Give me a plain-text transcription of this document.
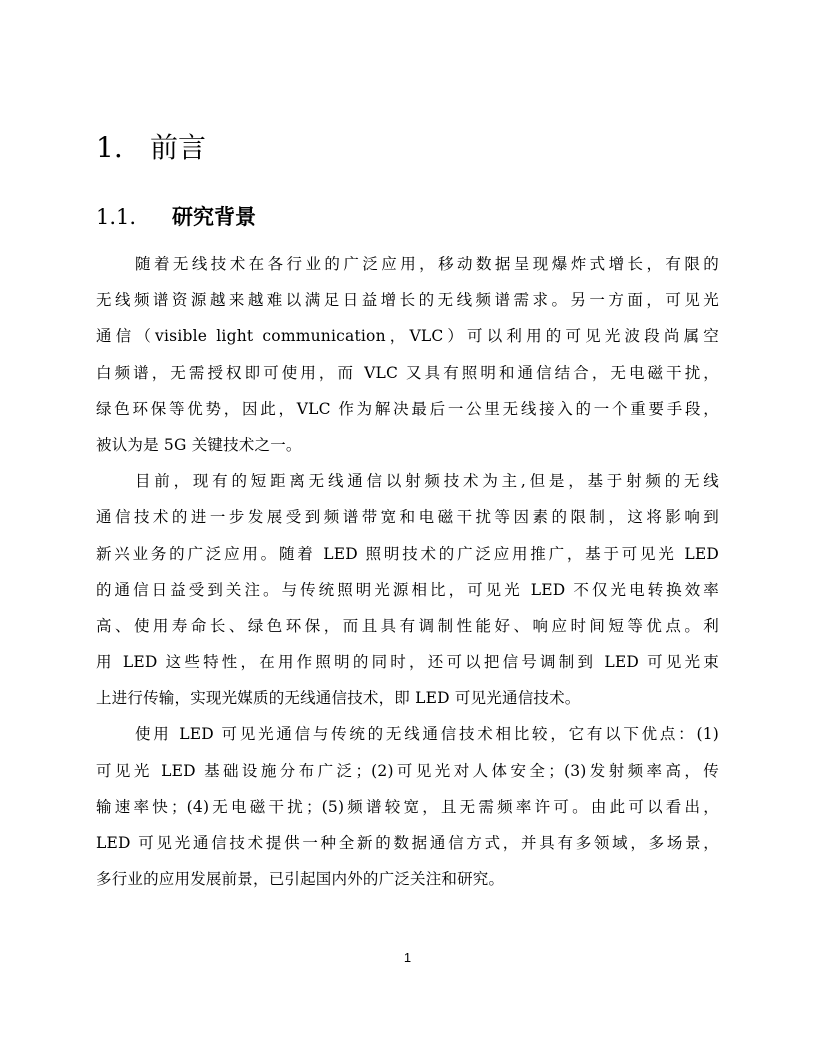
1. 前言
1.1. 研究背景
随着无线技术在各行业的广泛应用，移动数据呈现爆炸式增长，有限的
无线频谱资源越来越难以满足日益增长的无线频谱需求。另一方面，可见光
通信（visible light communication，VLC）可以利用的可见光波段尚属空
白频谱，无需授权即可使用，而 VLC 又具有照明和通信结合，无电磁干扰，
绿色环保等优势，因此，VLC 作为解决最后一公里无线接入的一个重要手段，
被认为是 5G 关键技术之一。
目前，现有的短距离无线通信以射频技术为主,但是，基于射频的无线
通信技术的进一步发展受到频谱带宽和电磁干扰等因素的限制，这将影响到
新兴业务的广泛应用。随着 LED 照明技术的广泛应用推广，基于可见光 LED
的通信日益受到关注。与传统照明光源相比，可见光 LED 不仅光电转换效率
高、使用寿命长、绿色环保，而且具有调制性能好、响应时间短等优点。利
用 LED 这些特性，在用作照明的同时，还可以把信号调制到 LED 可见光束
上进行传输，实现光媒质的无线通信技术，即 LED 可见光通信技术。
使用 LED 可见光通信与传统的无线通信技术相比较，它有以下优点：(1)
可见光 LED 基础设施分布广泛；(2)可见光对人体安全；(3)发射频率高，传
输速率快；(4)无电磁干扰；(5)频谱较宽，且无需频率许可。由此可以看出，
LED 可见光通信技术提供一种全新的数据通信方式，并具有多领域，多场景，
多行业的应用发展前景，已引起国内外的广泛关注和研究。
1
